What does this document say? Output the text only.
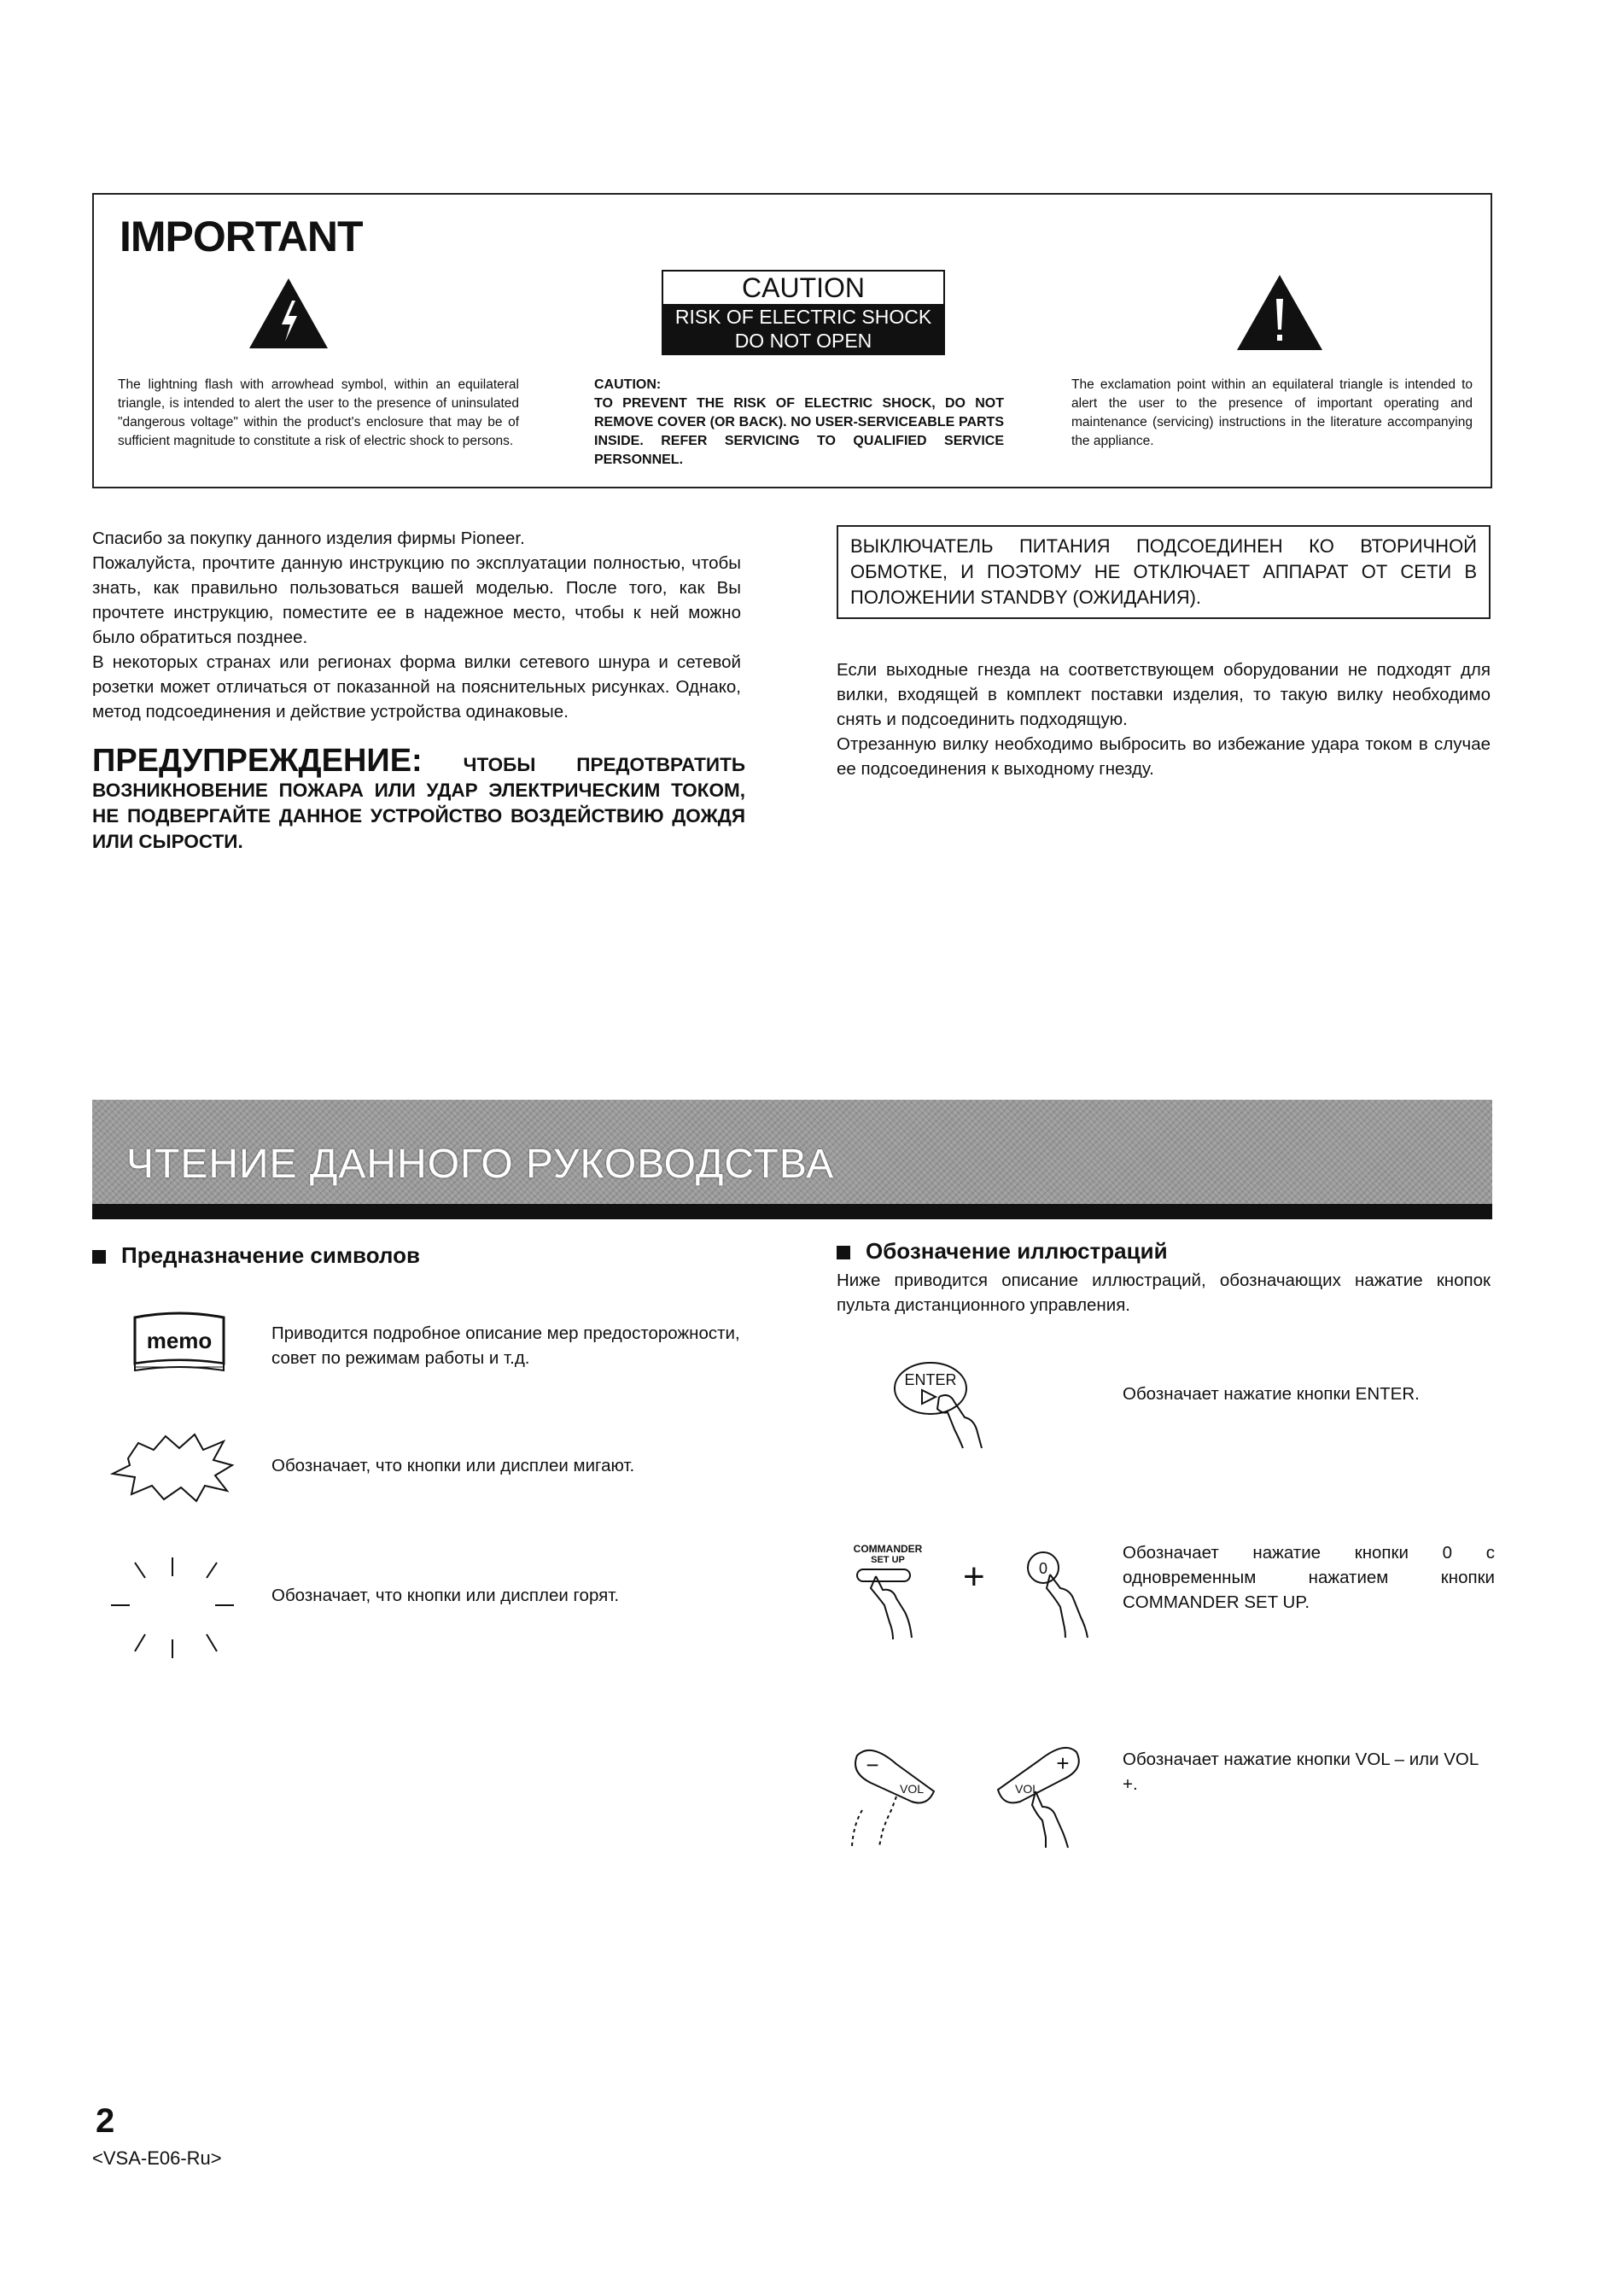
IMPORTANT
CAUTION
RISK OF ELECTRIC SHOCK
DO NOT OPEN
The lightning flash with arrowhead symbol, within an equilateral triangle, is intended to alert the user to the presence of uninsulated "dangerous voltage" within the product's enclosure that may be of sufficient magnitude to constitute a risk of electric shock to persons.
CAUTION:
TO PREVENT THE RISK OF ELECTRIC SHOCK, DO NOT REMOVE COVER (OR BACK). NO USER-SERVICEABLE PARTS INSIDE. REFER SERVICING TO QUALIFIED SERVICE PERSONNEL.
The exclamation point within an equilateral triangle is intended to alert the user to the presence of important operating and maintenance (servicing) instructions in the literature accompanying the appliance.

Спасибо за покупку данного изделия фирмы Pioneer.

Пожалуйста, прочтите данную инструкцию по эксплуатации полностью, чтобы знать, как правильно пользоваться вашей моделью. После того, как Вы прочтете инструкцию, поместите ее в надежное место, чтобы к ней можно было обратиться позднее.

В некоторых странах или регионах форма вилки сетевого шнура и сетевой розетки может отличаться от показанной на пояснительных рисунках. Однако, метод подсоединения и действие устройства одинаковые.

ПРЕДУПРЕЖДЕНИЕ: ЧТОБЫ ПРЕДОТВРАТИТЬ ВОЗНИКНОВЕНИЕ ПОЖАРА ИЛИ УДАР ЭЛЕКТРИЧЕСКИМ ТОКОМ, НЕ ПОДВЕРГАЙТЕ ДАННОЕ УСТРОЙСТВО ВОЗДЕЙСТВИЮ ДОЖДЯ ИЛИ СЫРОСТИ.
ВЫКЛЮЧАТЕЛЬ ПИТАНИЯ ПОДСОЕДИНЕН КО ВТОРИЧНОЙ ОБМОТКЕ, И ПОЭТОМУ НЕ ОТКЛЮЧАЕТ АППАРАТ ОТ СЕТИ В ПОЛОЖЕНИИ STANDBY (ОЖИДАНИЯ).

Если выходные гнезда на соответствующем оборудовании не подходят для вилки, входящей в комплект поставки изделия, то такую вилку необходимо снять и подсоединить подходящую.

Отрезанную вилку необходимо выбросить во избежание удара током в случае ее подсоединения к выходному гнезду.

ЧТЕНИЕ ДАННОГО РУКОВОДСТВА
Предназначение символов
memo	Приводится подробное описание мер предосторожности, совет по режимам работы и т.д.
Обозначает, что кнопки или дисплеи мигают.
Обозначает, что кнопки или дисплеи горят.
Обозначение иллюстраций
Ниже приводится описание иллюстраций, обозначающих нажатие кнопок пульта дистанционного управления.
ENTER
Обозначает нажатие кнопки ENTER.
COMMANDER
SET UP +	0
Обозначает нажатие кнопки 0 с одновременным нажатием кнопки COMMANDER SET UP.
−
VOL
+
VOL
Обозначает нажатие кнопки VOL – или VOL +.
2
<VSA-E06-Ru>
